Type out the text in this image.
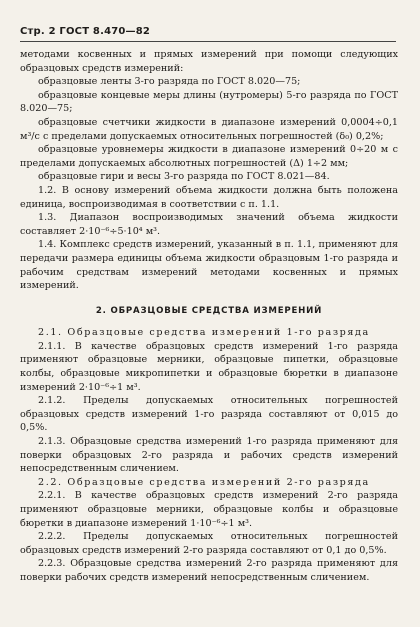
Стр. 2 ГОСТ 8.470—82

методами косвенных и прямых измерений при помощи следующих образцовых средств измерений:

образцовые ленты 3-го разряда по ГОСТ 8.020—75;

образцовые концевые меры длины (нутромеры) 5-го разряда по ГОСТ 8.020—75;

образцовые счетчики жидкости в диапазоне измерений 0,0004÷0,1 м³/с с пределами допускаемых относительных погрешностей (δ₀) 0,2%;

образцовые уровнемеры жидкости в диапазоне измерений 0÷20 м с пределами допускаемых абсолютных погрешностей (Δ) 1÷2 мм;

образцовые гири и весы 3-го разряда по ГОСТ 8.021—84.

1.2. В основу измерений объема жидкости должна быть положена единица, воспроизводимая в соответствии с п. 1.1.

1.3. Диапазон воспроизводимых значений объема жидкости составляет 2·10⁻⁶÷5·10⁴ м³.

1.4. Комплекс средств измерений, указанный в п. 1.1, применяют для передачи размера единицы объема жидкости образцовым 1-го разряда и рабочим средствам измерений методами косвенных и прямых измерений.

2. ОБРАЗЦОВЫЕ СРЕДСТВА ИЗМЕРЕНИЙ

2.1. Образцовые средства измерений 1-го разряда

2.1.1. В качестве образцовых средств измерений 1-го разряда применяют образцовые мерники, образцовые пипетки, образцовые колбы, образцовые микропипетки и образцовые бюретки в диапазоне измерений 2·10⁻⁶÷1 м³.

2.1.2. Пределы допускаемых относительных погрешностей образцовых средств измерений 1-го разряда составляют от 0,015 до 0,5%.

2.1.3. Образцовые средства измерений 1-го разряда применяют для поверки образцовых 2-го разряда и рабочих средств измерений непосредственным сличением.

2.2. Образцовые средства измерений 2-го разряда

2.2.1. В качестве образцовых средств измерений 2-го разряда применяют образцовые мерники, образцовые колбы и образцовые бюретки в диапазоне измерений 1·10⁻⁶÷1 м³.

2.2.2. Пределы допускаемых относительных погрешностей образцовых средств измерений 2-го разряда составляют от 0,1 до 0,5%.

2.2.3. Образцовые средства измерений 2-го разряда применяют для поверки рабочих средств измерений непосредственным сличением.
